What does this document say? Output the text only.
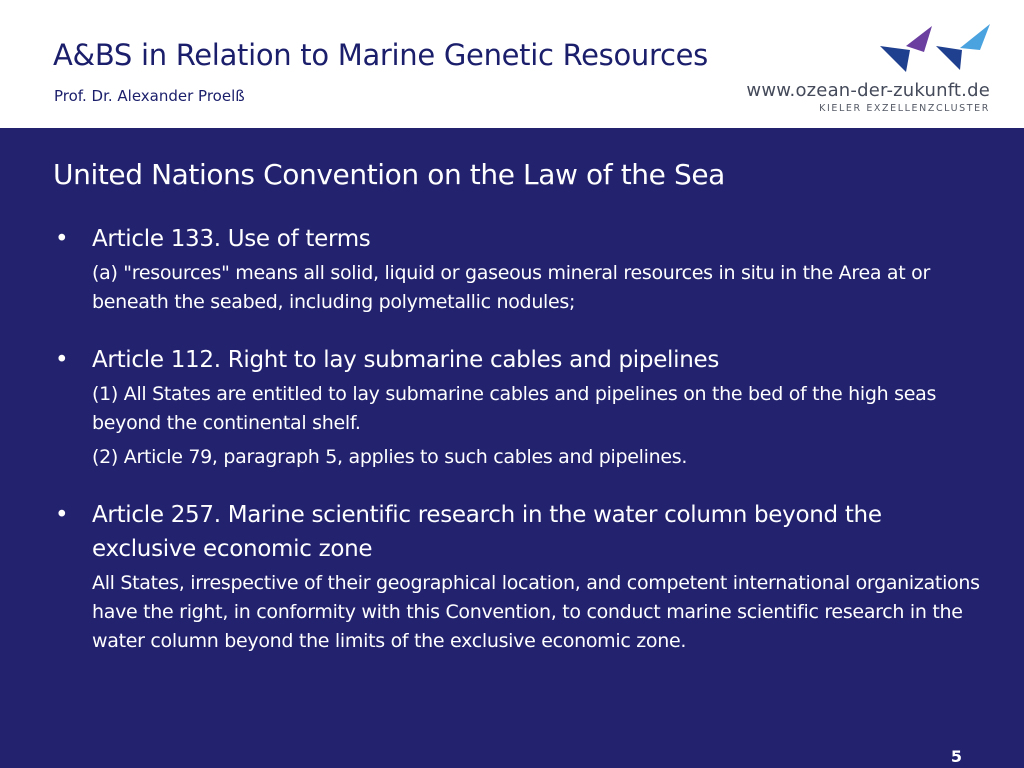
A&BS in Relation to Marine Genetic Resources

Prof. Dr. Alexander Proelß	www.ozean-der-zukunft.de
KIELER EXZELLENZCLUSTER
United Nations Convention on the Law of the Sea
• Article 133. Use of terms

(a) "resources" means all solid, liquid or gaseous mineral resources in situ in the Area at or beneath the seabed, including polymetallic nodules;

• Article 112. Right to lay submarine cables and pipelines

(1) All States are entitled to lay submarine cables and pipelines on the bed of the high seas beyond the continental shelf.

(2) Article 79, paragraph 5, applies to such cables and pipelines.

• Article 257. Marine scientific research in the water column beyond the exclusive economic zone

All States, irrespective of their geographical location, and competent international organizations have the right, in conformity with this Convention, to conduct marine scientific research in the water column beyond the limits of the exclusive economic zone.

5
